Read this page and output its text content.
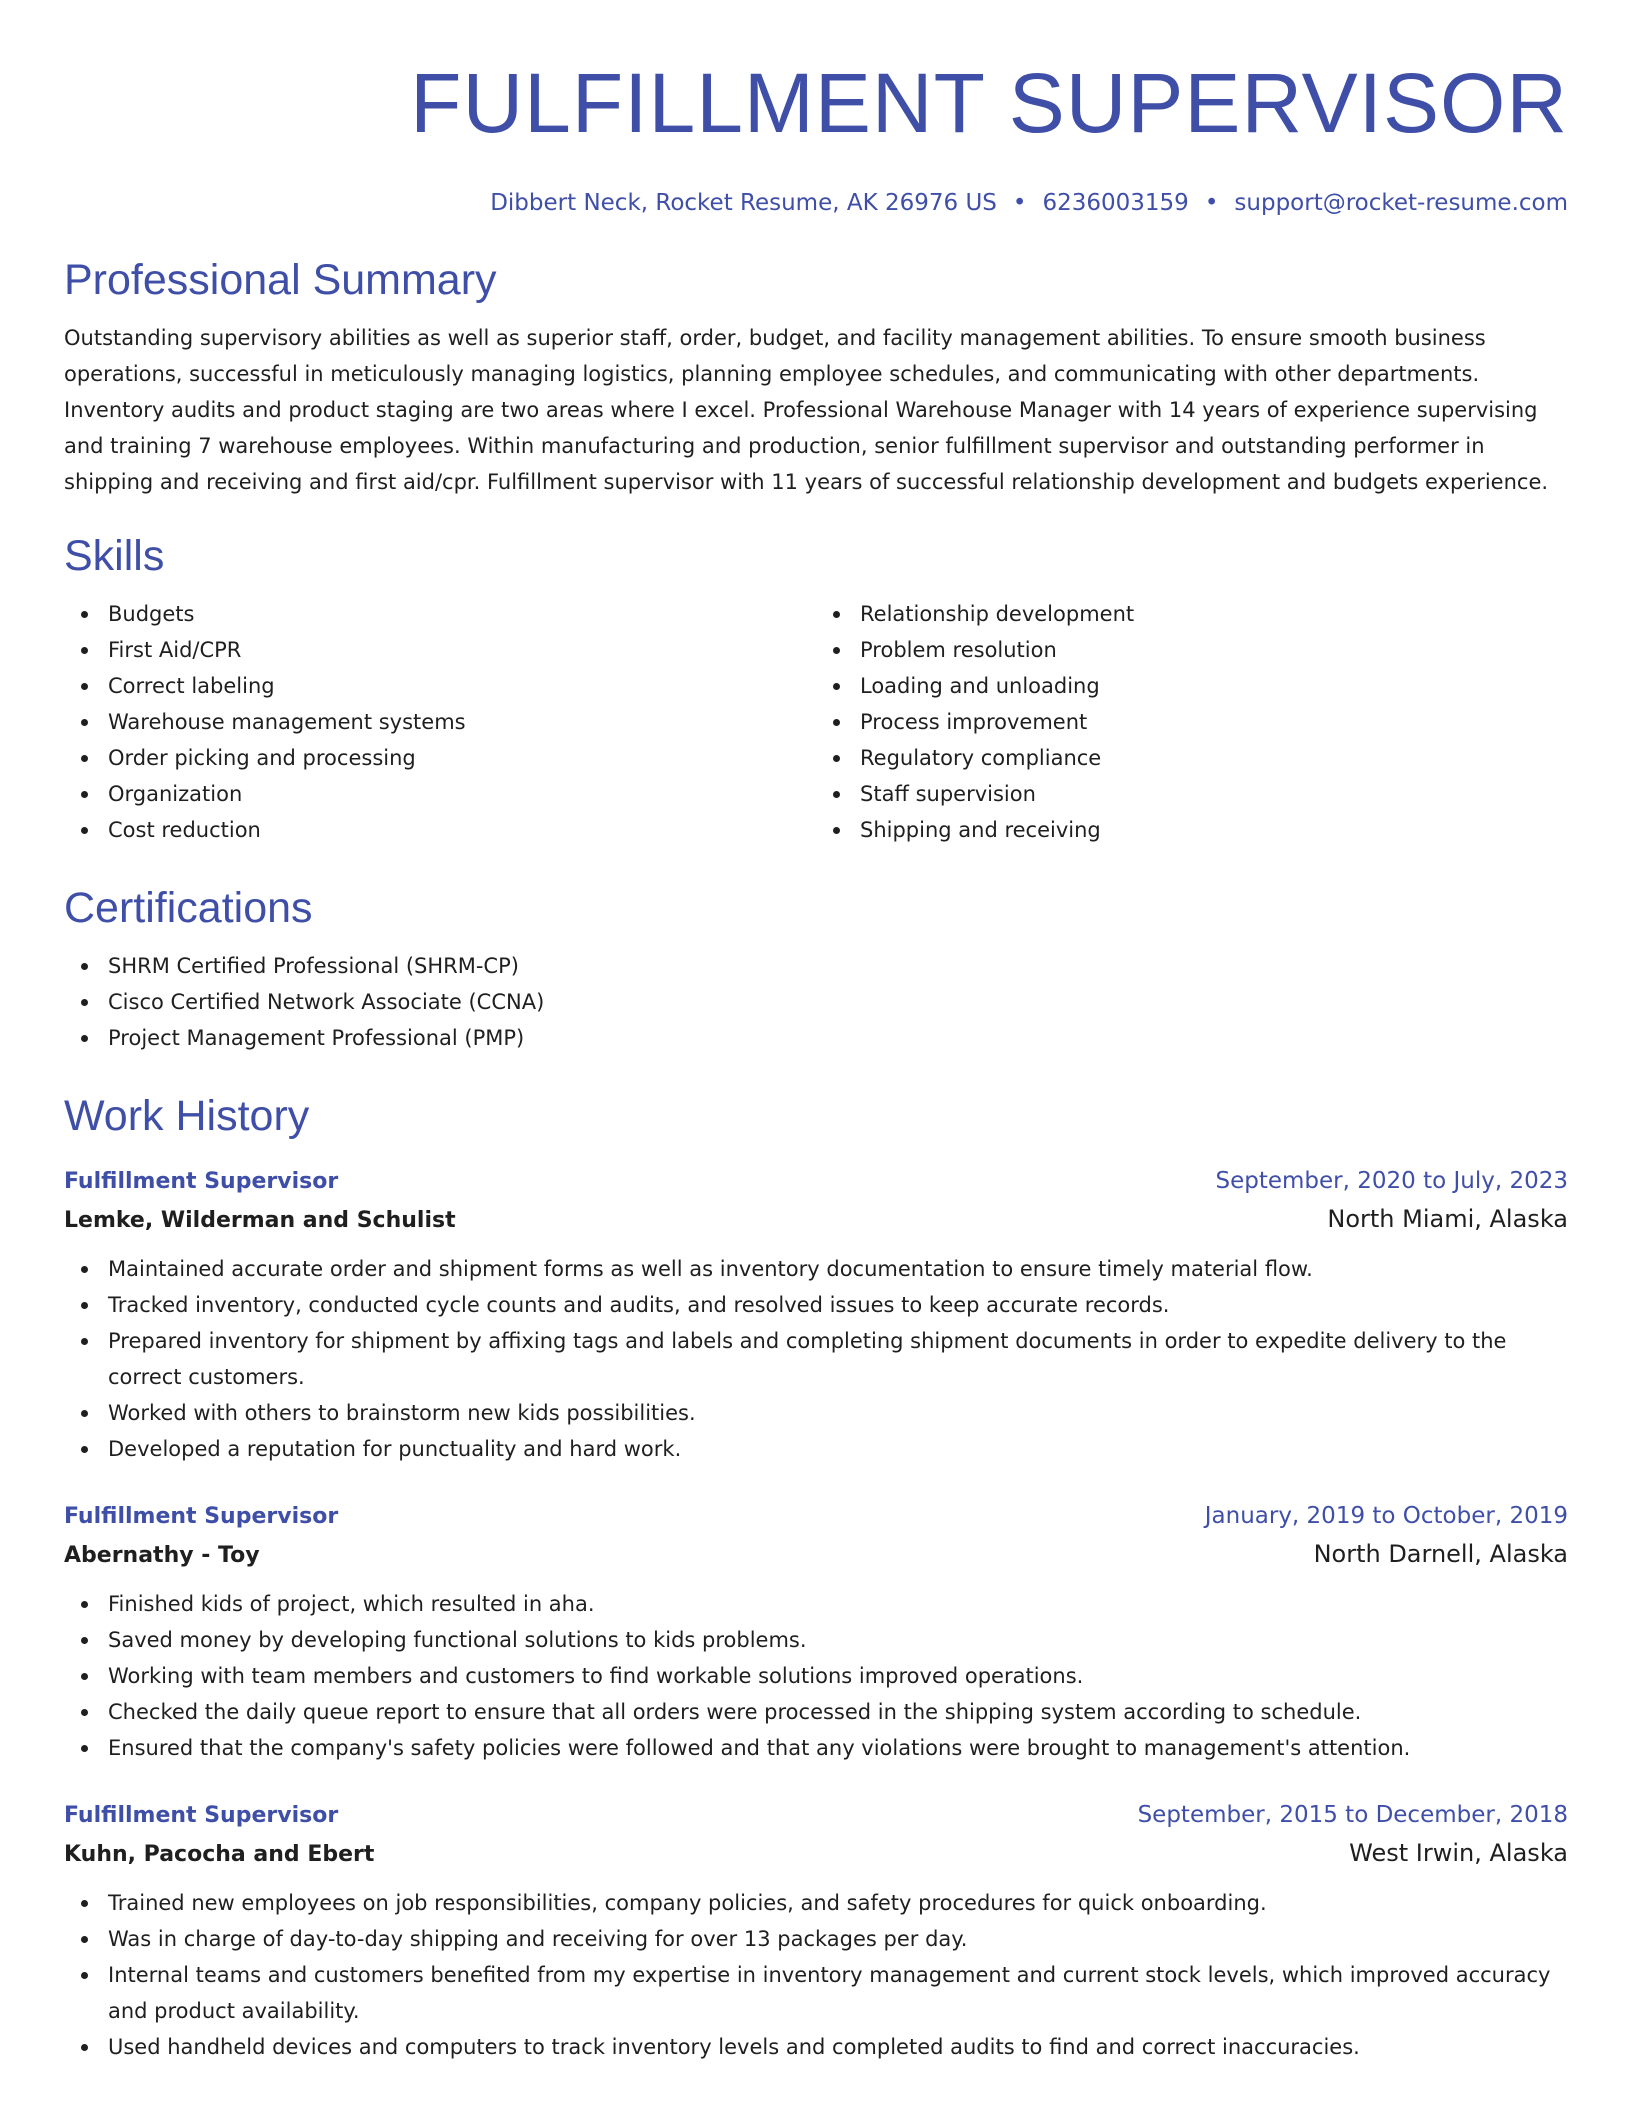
FULFILLMENT SUPERVISOR
Dibbert Neck, Rocket Resume, AK 26976 US • 6236003159 • support@rocket-resume.com
Professional Summary
Outstanding supervisory abilities as well as superior staff, order, budget, and facility management abilities. To ensure smooth business operations, successful in meticulously managing logistics, planning employee schedules, and communicating with other departments. Inventory audits and product staging are two areas where I excel. Professional Warehouse Manager with 14 years of experience supervising and training 7 warehouse employees. Within manufacturing and production, senior fulfillment supervisor and outstanding performer in shipping and receiving and first aid/cpr. Fulfillment supervisor with 11 years of successful relationship development and budgets experience.
Skills
Budgets
First Aid/CPR
Correct labeling
Warehouse management systems
Order picking and processing
Organization
Cost reduction
Relationship development
Problem resolution
Loading and unloading
Process improvement
Regulatory compliance
Staff supervision
Shipping and receiving
Certifications
SHRM Certified Professional (SHRM-CP)
Cisco Certified Network Associate (CCNA)
Project Management Professional (PMP)
Work History
Fulfillment Supervisor	September, 2020 to July, 2023
Lemke, Wilderman and Schulist	North Miami, Alaska
Maintained accurate order and shipment forms as well as inventory documentation to ensure timely material flow.
Tracked inventory, conducted cycle counts and audits, and resolved issues to keep accurate records.
Prepared inventory for shipment by affixing tags and labels and completing shipment documents in order to expedite delivery to the correct customers.
Worked with others to brainstorm new kids possibilities.
Developed a reputation for punctuality and hard work.
Fulfillment Supervisor	January, 2019 to October, 2019
Abernathy - Toy	North Darnell, Alaska
Finished kids of project, which resulted in aha.
Saved money by developing functional solutions to kids problems.
Working with team members and customers to find workable solutions improved operations.
Checked the daily queue report to ensure that all orders were processed in the shipping system according to schedule.
Ensured that the company's safety policies were followed and that any violations were brought to management's attention.
Fulfillment Supervisor	September, 2015 to December, 2018
Kuhn, Pacocha and Ebert	West Irwin, Alaska
Trained new employees on job responsibilities, company policies, and safety procedures for quick onboarding.
Was in charge of day-to-day shipping and receiving for over 13 packages per day.
Internal teams and customers benefited from my expertise in inventory management and current stock levels, which improved accuracy and product availability.
Used handheld devices and computers to track inventory levels and completed audits to find and correct inaccuracies.
